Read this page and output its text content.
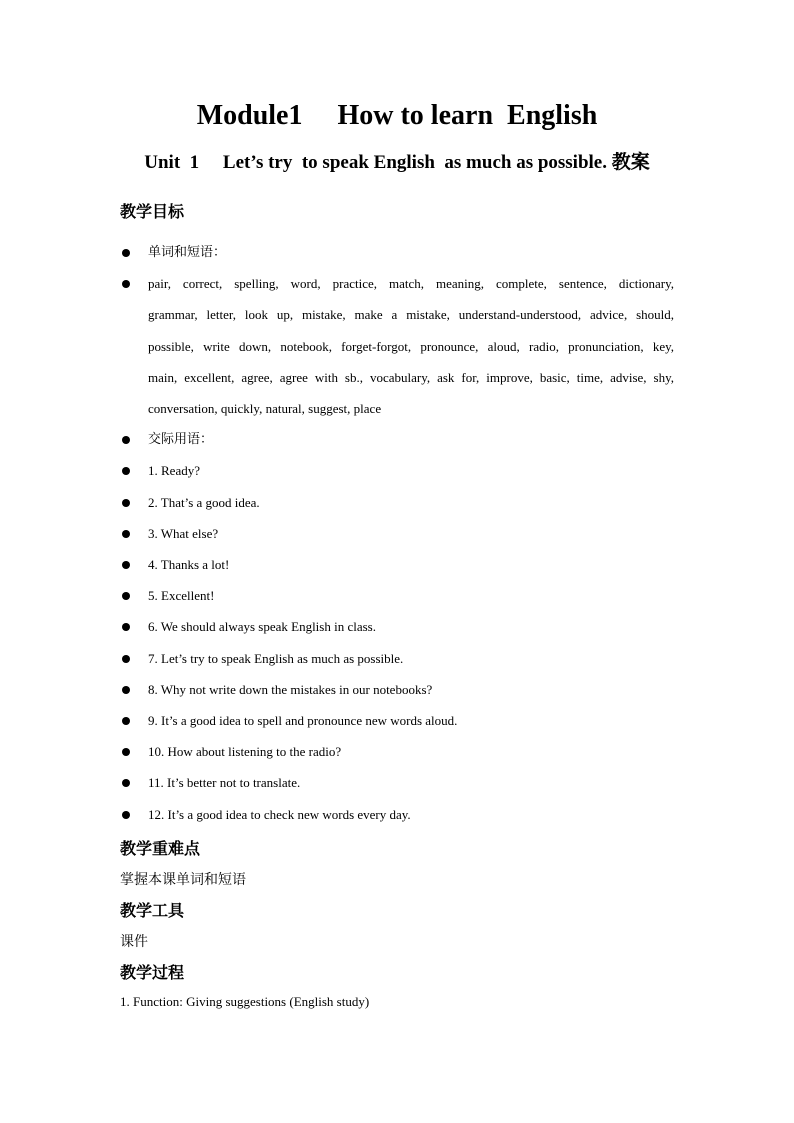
Module1     How to learn  English
Unit  1     Let’s try  to speak English  as much as possible. 教案
教学目标
单词和短语：
pair, correct, spelling, word, practice, match, meaning, complete, sentence, dictionary,
grammar, letter, look up, mistake, make a mistake, understand-understood, advice, should,
possible, write down, notebook, forget-forgot, pronounce, aloud, radio, pronunciation, key,
main, excellent, agree, agree with sb., vocabulary, ask for, improve, basic, time, advise, shy,
conversation, quickly, natural, suggest, place
交际用语：
1. Ready?
2. That’s a good idea.
3. What else?
4. Thanks a lot!
5. Excellent!
6. We should always speak English in class.
7. Let’s try to speak English as much as possible.
8. Why not write down the mistakes in our notebooks?
9. It’s a good idea to spell and pronounce new words aloud.
10. How about listening to the radio?
11. It’s better not to translate.
12. It’s a good idea to check new words every day.
教学重难点
掌握本课单词和短语
教学工具
课件
教学过程
1. Function: Giving suggestions (English study)
